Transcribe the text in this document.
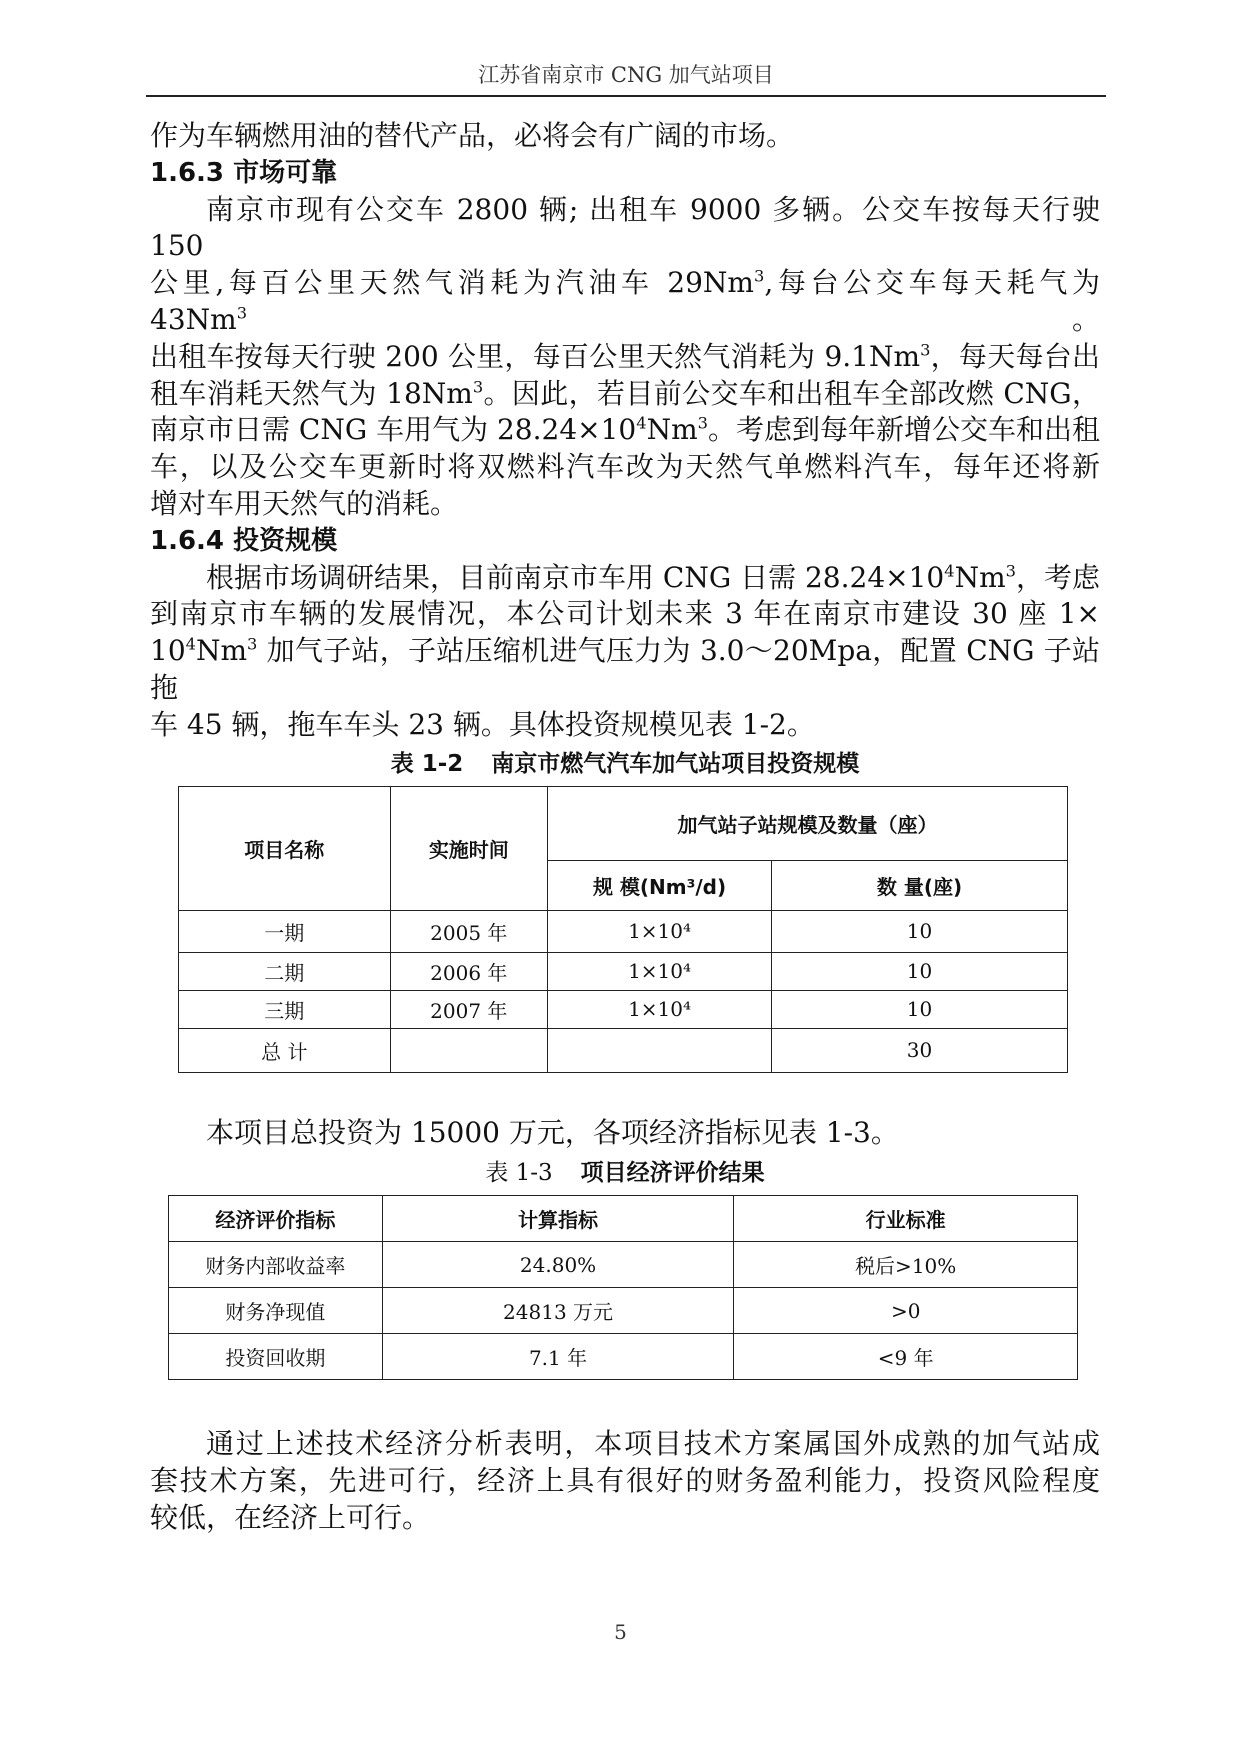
江苏省南京市 CNG 加气站项目

作为车辆燃用油的替代产品，必将会有广阔的市场。

1.6.3 市场可靠

南京市现有公交车 2800 辆; 出租车 9000 多辆。公交车按每天行驶 150

公里,每百公里天然气消耗为汽油车 29Nm$^3$,每台公交车每天耗气为 43Nm$^3$。

出租车按每天行驶 200 公里，每百公里天然气消耗为 9.1Nm$^3$，每天每台出

租车消耗天然气为 18Nm$^3$。因此，若目前公交车和出租车全部改燃 CNG，

南京市日需 CNG 车用气为 $28.24\times 10^4Nm^3$。考虑到每年新增公交车和出租

车，以及公交车更新时将双燃料汽车改为天然气单燃料汽车，每年还将新

增对车用天然气的消耗。

1.6.4 投资规模

根据市场调研结果，目前南京市车用 CNG 日需 $28.24\times 10^4Nm^3$，考虑

到南京市车辆的发展情况，本公司计划未来 3 年在南京市建设 30 座 1×

$10^4Nm^3$ 加气子站，子站压缩机进气压力为 3.0～20Mpa，配置 CNG 子站拖

车 45 辆，拖车车头 23 辆。具体投资规模见表 1-2。

表 1-2 南京市燃气汽车加气站项目投资规模
项目名称	实施时间	加气站子站规模及数量（座）	
		规 模(Nm³/d)	数 量(座)
一期	2005 年	1×10⁴	10
二期	2006 年	1×10⁴	10
三期	2007 年	1×10⁴	10
总 计			30

本项目总投资为 15000 万元，各项经济指标见表 1-3。

表 1-3 项目经济评价结果
经济评价指标	计算指标	行业标准
财务内部收益率	24.80%	税后>10%
财务净现值	24813 万元	>0
投资回收期	7.1 年	<9 年

通过上述技术经济分析表明，本项目技术方案属国外成熟的加气站成

套技术方案，先进可行，经济上具有很好的财务盈利能力，投资风险程度

较低，在经济上可行。

5
